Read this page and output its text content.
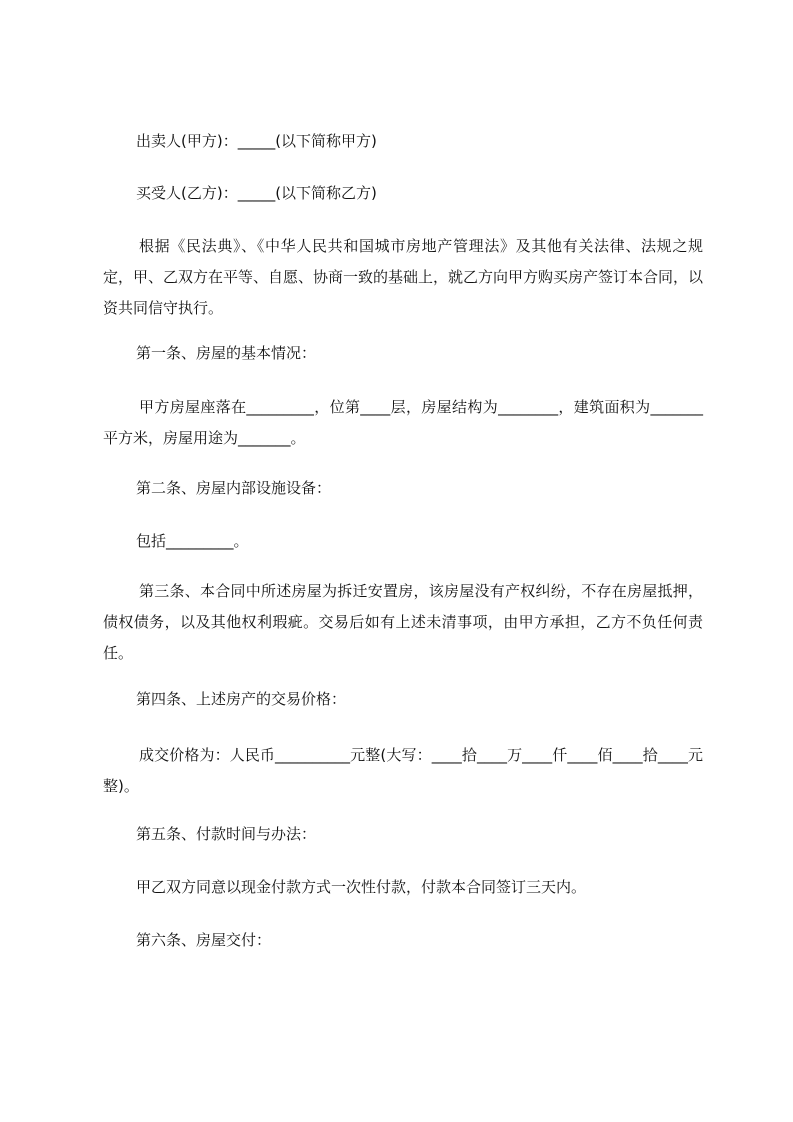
出卖人(甲方)：_____(以下简称甲方)

买受人(乙方)：_____(以下简称乙方)

根据《民法典》、《中华人民共和国城市房地产管理法》及其他有关法律、法规之规定，甲、乙双方在平等、自愿、协商一致的基础上，就乙方向甲方购买房产签订本合同，以资共同信守执行。

第一条、房屋的基本情况：

甲方房屋座落在_________，位第____层，房屋结构为________，建筑面积为_______平方米，房屋用途为_______。

第二条、房屋内部设施设备：

包括_________。

第三条、本合同中所述房屋为拆迁安置房，该房屋没有产权纠纷，不存在房屋抵押，债权债务，以及其他权利瑕疵。交易后如有上述未清事项，由甲方承担，乙方不负任何责任。

第四条、上述房产的交易价格：

成交价格为：人民币__________元整(大写：____拾____万____仟____佰____拾____元整)。

第五条、付款时间与办法：

甲乙双方同意以现金付款方式一次性付款，付款本合同签订三天内。

第六条、房屋交付：
